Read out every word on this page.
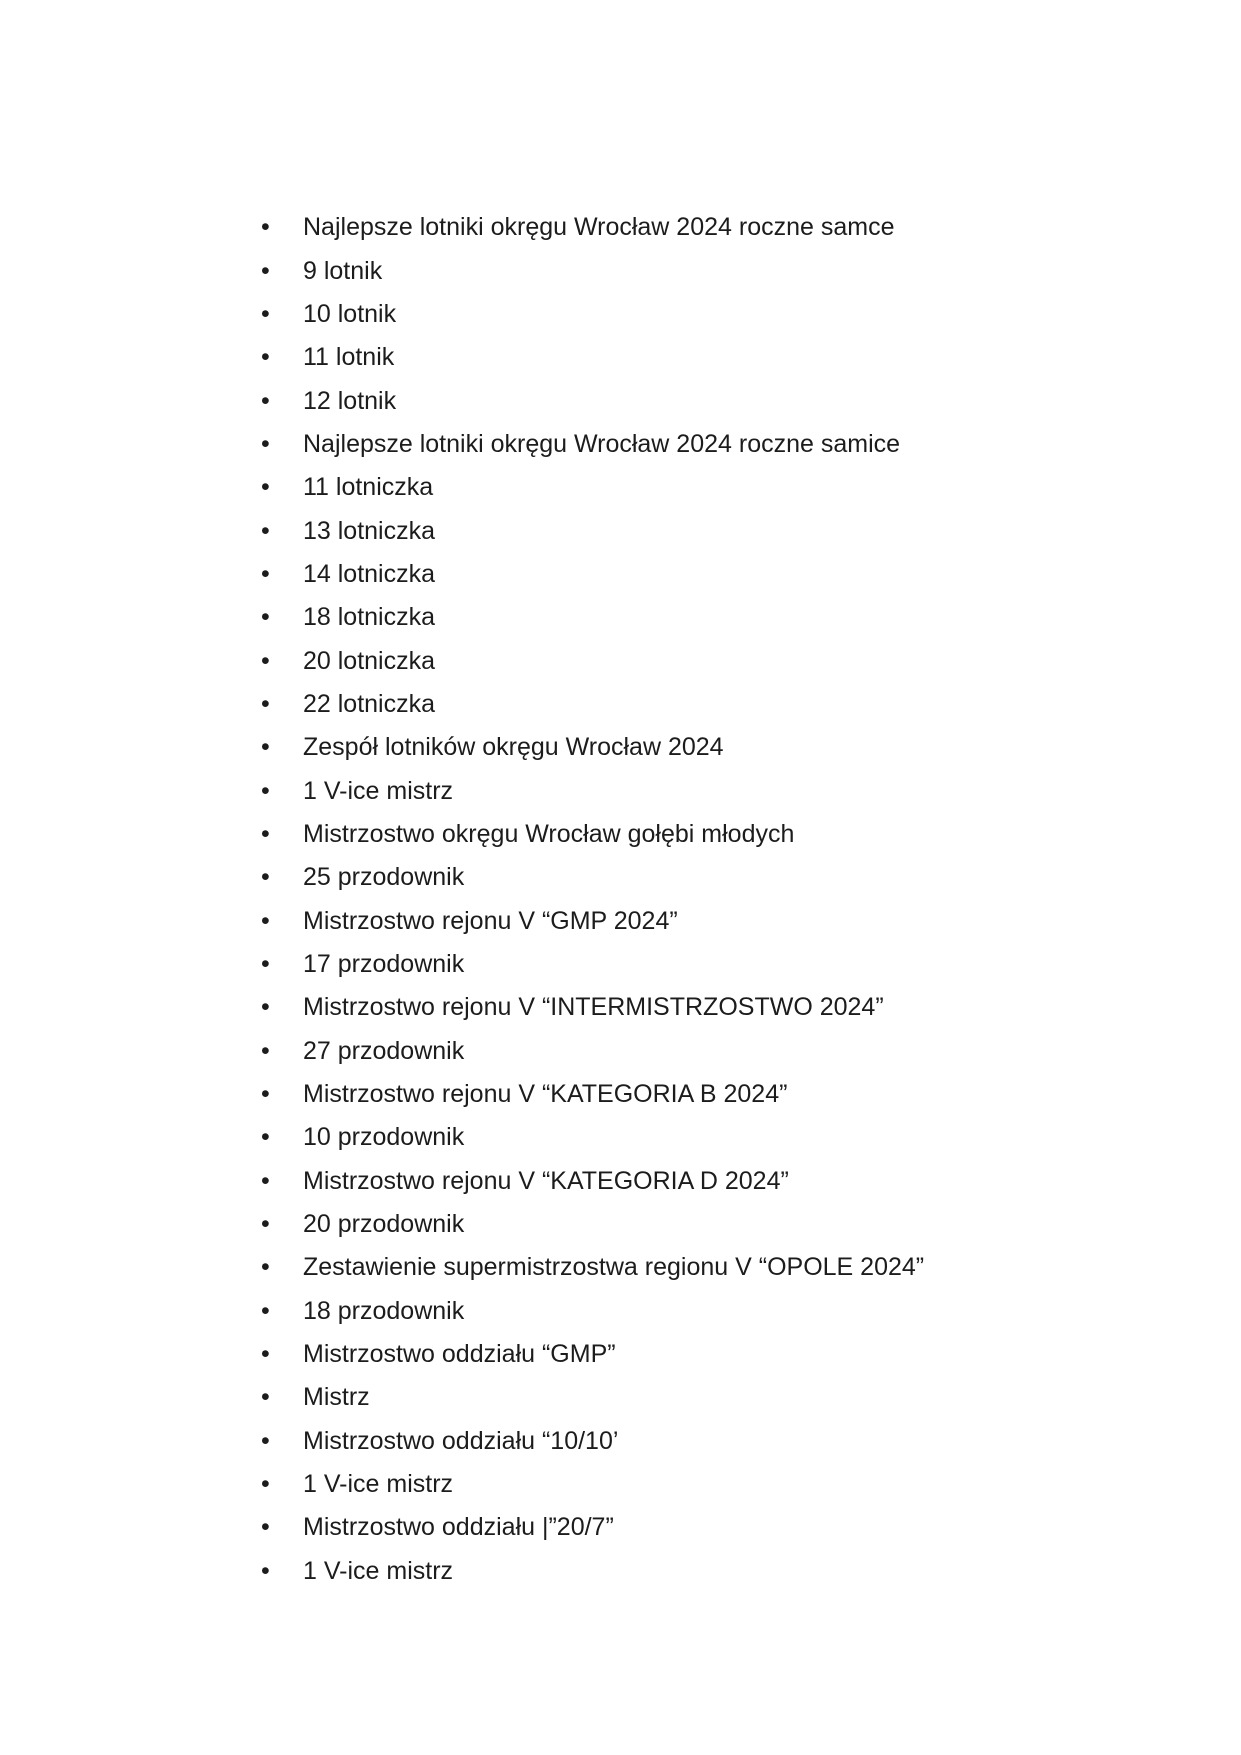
•	Najlepsze lotniki okręgu Wrocław 2024 roczne samce
•	9 lotnik
•	10 lotnik
•	11 lotnik
•	12 lotnik
•	Najlepsze lotniki okręgu Wrocław 2024 roczne samice
•	11 lotniczka
•	13 lotniczka
•	14 lotniczka
•	18 lotniczka
•	20 lotniczka
•	22 lotniczka
•	Zespół lotników okręgu Wrocław 2024
•	1 V-ice mistrz
•	Mistrzostwo okręgu Wrocław gołębi młodych
•	25 przodownik
•	Mistrzostwo rejonu V “GMP 2024”
•	17 przodownik
•	Mistrzostwo rejonu V “INTERMISTRZOSTWO 2024”
•	27 przodownik
•	Mistrzostwo rejonu V “KATEGORIA B 2024”
•	10 przodownik
•	Mistrzostwo rejonu V “KATEGORIA D 2024”
•	20 przodownik
•	Zestawienie supermistrzostwa regionu V “OPOLE 2024”
•	18 przodownik
•	Mistrzostwo oddziału “GMP”
•	Mistrz
•	Mistrzostwo oddziału “10/10’
•	1 V-ice mistrz
•	Mistrzostwo oddziału |”20/7”
•	1 V-ice mistrz
